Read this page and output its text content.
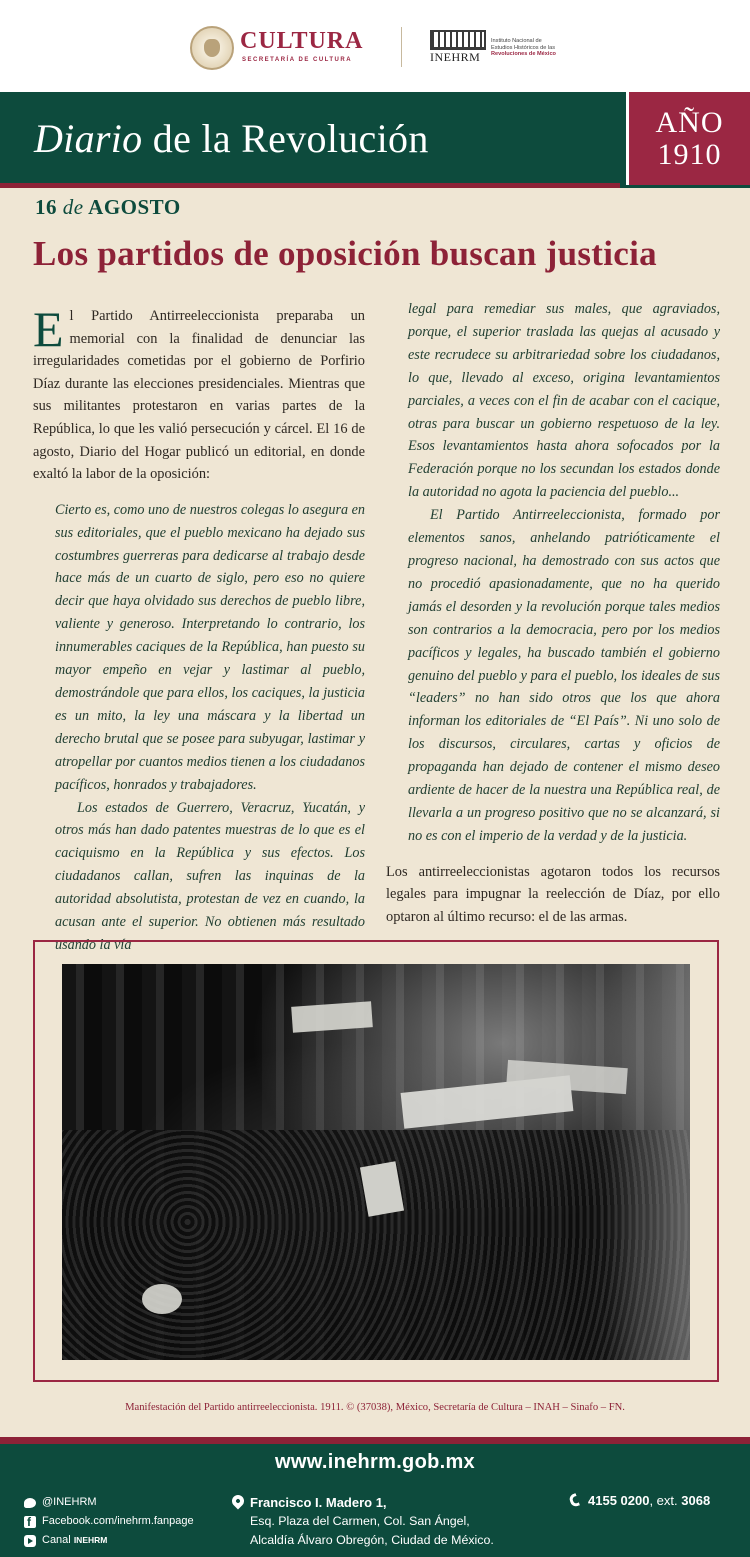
CULTURA
SECRETARÍA DE CULTURA	INEHRM
Instituto Nacional de
Estudios Históricos de las
Revoluciones de México
Diario de la Revolución	AÑO
1910
16 de AGOSTO
Los partidos de oposición buscan justicia
E l Partido Antirreeleccionista preparaba un memorial con la finalidad de denunciar las irregularidades cometidas por el gobierno de Porfirio Díaz durante las elecciones presidenciales. Mientras que sus militantes protestaron en varias partes de la República, lo que les valió persecución y cárcel. El 16 de agosto, Diario del Hogar publicó un editorial, en donde exaltó la labor de la oposición:

Cierto es, como uno de nuestros colegas lo asegura en sus editoriales, que el pueblo mexicano ha dejado sus costumbres guerreras para dedicarse al trabajo desde hace más de un cuarto de siglo, pero eso no quiere decir que haya olvidado sus derechos de pueblo libre, valiente y generoso. Interpretando lo contrario, los innumerables caciques de la República, han puesto su mayor empeño en vejar y lastimar al pueblo, demostrándole que para ellos, los caciques, la justicia es un mito, la ley una máscara y la libertad un derecho brutal que se posee para subyugar, lastimar y atropellar por cuantos medios tienen a los ciudadanos pacíficos, honrados y trabajadores.

Los estados de Guerrero, Veracruz, Yucatán, y otros más han dado patentes muestras de lo que es el caciquismo en la República y sus efectos. Los ciudadanos callan, sufren las inquinas de la autoridad absolutista, protestan de vez en cuando, la acusan ante el superior. No obtienen más resultado usando la vía

legal para remediar sus males, que agraviados, porque, el superior traslada las quejas al acusado y este recrudece su arbitrariedad sobre los ciudadanos, lo que, llevado al exceso, origina levantamientos parciales, a veces con el fin de acabar con el cacique, otras para buscar un gobierno respetuoso de la ley. Esos levantamientos hasta ahora sofocados por la Federación porque no los secundan los estados donde la autoridad no agota la paciencia del pueblo...

El Partido Antirreeleccionista, formado por elementos sanos, anhelando patrióticamente el progreso nacional, ha demostrado con sus actos que no procedió apasionadamente, que no ha querido jamás el desorden y la revolución porque tales medios son contrarios a la democracia, pero por los medios pacíficos y legales, ha buscado también el gobierno genuino del pueblo y para el pueblo, los ideales de sus “leaders” no han sido otros que los que ahora informan los editoriales de “El País”. Ni uno solo de los discursos, circulares, cartas y oficios de propaganda han dejado de contener el mismo deseo ardiente de hacer de la nuestra una República real, de llevarla a un progreso positivo que no se alcanzará, si no es con el imperio de la verdad y de la justicia.

Los antirreeleccionistas agotaron todos los recursos legales para impugnar la reelección de Díaz, por ello optaron al último recurso: el de las armas.

Manifestación del Partido antirreeleccionista. 1911. © (37038), México, Secretaría de Cultura – INAH – Sinafo – FN.
www.inehrm.gob.mx
@INEHRM
f
Facebook.com/inehrm.fanpage
Canal INEHRM
Francisco I. Madero 1,
Esq. Plaza del Carmen, Col. San Ángel,
Alcaldía Álvaro Obregón, Ciudad de México.
4155 0200, ext. 3068
